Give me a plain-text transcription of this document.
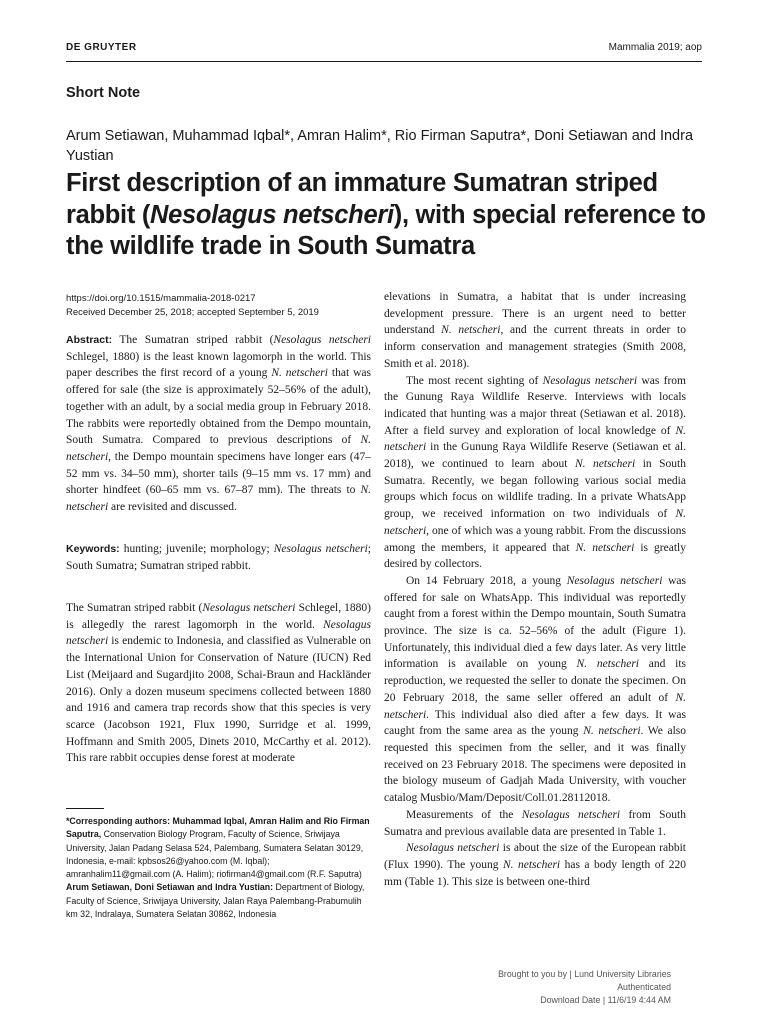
DE GRUYTER	Mammalia 2019; aop
Short Note
Arum Setiawan, Muhammad Iqbal*, Amran Halim*, Rio Firman Saputra*, Doni Setiawan and Indra Yustian
First description of an immature Sumatran striped rabbit (Nesolagus netscheri), with special reference to the wildlife trade in South Sumatra
https://doi.org/10.1515/mammalia-2018-0217
Received December 25, 2018; accepted September 5, 2019

Abstract: The Sumatran striped rabbit (Nesolagus netscheri Schlegel, 1880) is the least known lagomorph in the world. This paper describes the first record of a young N. netscheri that was offered for sale (the size is approximately 52–56% of the adult), together with an adult, by a social media group in February 2018. The rabbits were reportedly obtained from the Dempo mountain, South Sumatra. Compared to previous descriptions of N. netscheri, the Dempo mountain specimens have longer ears (47–52 mm vs. 34–50 mm), shorter tails (9–15 mm vs. 17 mm) and shorter hindfeet (60–65 mm vs. 67–87 mm). The threats to N. netscheri are revisited and discussed.

Keywords: hunting; juvenile; morphology; Nesolagus netscheri; South Sumatra; Sumatran striped rabbit.

The Sumatran striped rabbit (Nesolagus netscheri Schlegel, 1880) is allegedly the rarest lagomorph in the world. Nesolagus netscheri is endemic to Indonesia, and classified as Vulnerable on the International Union for Conservation of Nature (IUCN) Red List (Meijaard and Sugardjito 2008, Schai-Braun and Hackländer 2016). Only a dozen museum specimens collected between 1880 and 1916 and camera trap records show that this species is very scarce (Jacobson 1921, Flux 1990, Surridge et al. 1999, Hoffmann and Smith 2005, Dinets 2010, McCarthy et al. 2012). This rare rabbit occupies dense forest at moderate

elevations in Sumatra, a habitat that is under increasing development pressure. There is an urgent need to better understand N. netscheri, and the current threats in order to inform conservation and management strategies (Smith 2008, Smith et al. 2018).

The most recent sighting of Nesolagus netscheri was from the Gunung Raya Wildlife Reserve. Interviews with locals indicated that hunting was a major threat (Setiawan et al. 2018). After a field survey and exploration of local knowledge of N. netscheri in the Gunung Raya Wildlife Reserve (Setiawan et al. 2018), we continued to learn about N. netscheri in South Sumatra. Recently, we began following various social media groups which focus on wildlife trading. In a private WhatsApp group, we received information on two individuals of N. netscheri, one of which was a young rabbit. From the discussions among the members, it appeared that N. netscheri is greatly desired by collectors.

On 14 February 2018, a young Nesolagus netscheri was offered for sale on WhatsApp. This individual was reportedly caught from a forest within the Dempo mountain, South Sumatra province. The size is ca. 52–56% of the adult (Figure 1). Unfortunately, this individual died a few days later. As very little information is available on young N. netscheri and its reproduction, we requested the seller to donate the specimen. On 20 February 2018, the same seller offered an adult of N. netscheri. This individual also died after a few days. It was caught from the same area as the young N. netscheri. We also requested this specimen from the seller, and it was finally received on 23 February 2018. The specimens were deposited in the biology museum of Gadjah Mada University, with voucher catalog Musbio/Mam/Deposit/Coll.01.28112018.

Measurements of the Nesolagus netscheri from South Sumatra and previous available data are presented in Table 1.

Nesolagus netscheri is about the size of the European rabbit (Flux 1990). The young N. netscheri has a body length of 220 mm (Table 1). This size is between one-third

*Corresponding authors: Muhammad Iqbal, Amran Halim and Rio Firman Saputra, Conservation Biology Program, Faculty of Science, Sriwijaya University, Jalan Padang Selasa 524, Palembang, Sumatera Selatan 30129, Indonesia, e-mail: kpbsos26@yahoo.com (M. Iqbal); amranhalim11@gmail.com (A. Halim); riofirman4@gmail.com (R.F. Saputra)
Arum Setiawan, Doni Setiawan and Indra Yustian: Department of Biology, Faculty of Science, Sriwijaya University, Jalan Raya Palembang-Prabumulih km 32, Indralaya, Sumatera Selatan 30862, Indonesia
Brought to you by | Lund University Libraries
Authenticated
Download Date | 11/6/19 4:44 AM
